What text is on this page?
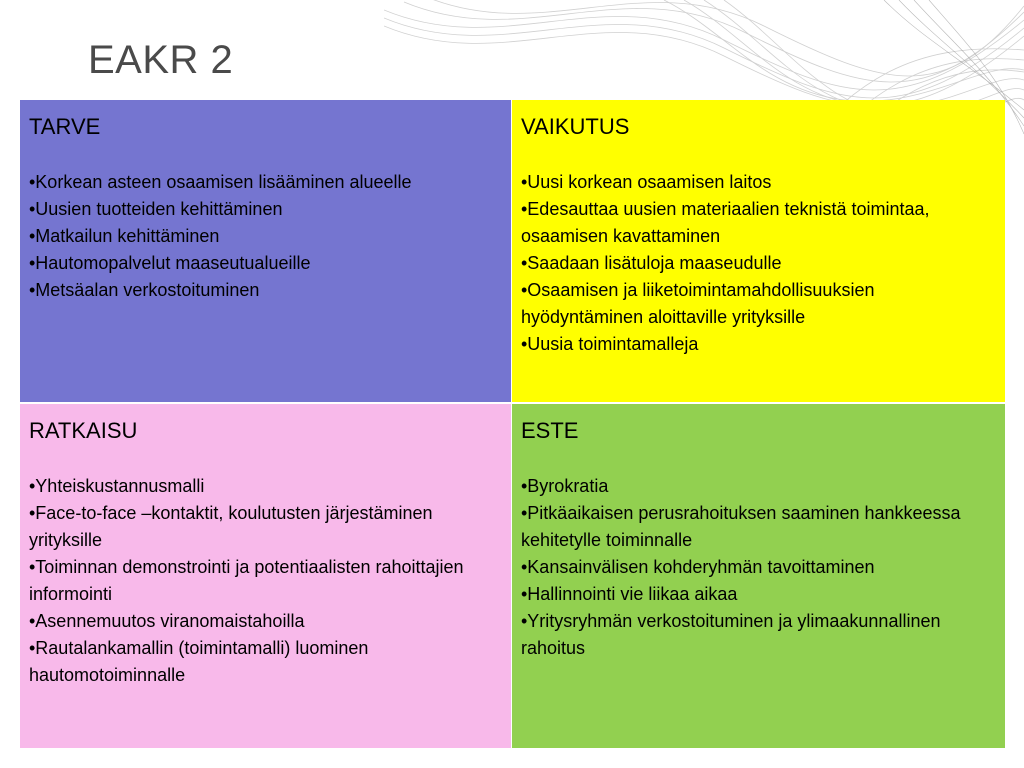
EAKR 2
TARVE
•Korkean asteen osaamisen lisääminen alueelle
•Uusien tuotteiden kehittäminen
•Matkailun kehittäminen
•Hautomopalvelut maaseutualueille
•Metsäalan verkostoituminen
VAIKUTUS
•Uusi korkean osaamisen laitos
•Edesauttaa uusien materiaalien teknistä toimintaa, osaamisen kavattaminen
•Saadaan lisätuloja maaseudulle
•Osaamisen ja liiketoimintamahdollisuuksien hyödyntäminen aloittaville yrityksille
•Uusia toimintamalleja
RATKAISU
•Yhteiskustannusmalli
•Face-to-face –kontaktit, koulutusten järjestäminen yrityksille
•Toiminnan demonstrointi ja potentiaalisten rahoittajien informointi
•Asennemuutos viranomaistahoilla
•Rautalankamallin (toimintamalli) luominen hautomotoiminnalle
ESTE
•Byrokratia
•Pitkäaikaisen perusrahoituksen saaminen hankkeessa kehitetylle toiminnalle
•Kansainvälisen kohderyhmän tavoittaminen
•Hallinnointi vie liikaa aikaa
•Yritysryhmän verkostoituminen ja ylimaakunnallinen rahoitus
